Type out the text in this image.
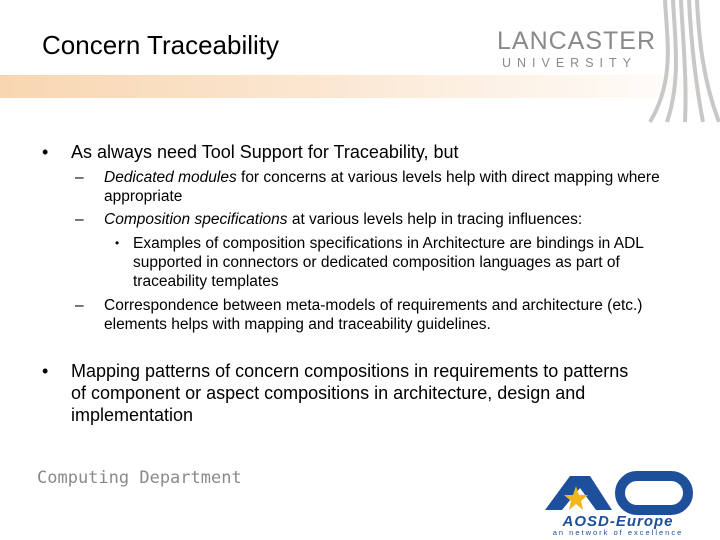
Concern Traceability	LANCASTER
UNIVERSITY
• As always need Tool Support for Traceability, but
– Dedicated modules for concerns at various levels help with direct mapping where appropriate
– Composition specifications at various levels help in tracing influences:
• Examples of composition specifications in Architecture are bindings in ADL supported in connectors or dedicated composition languages as part of traceability templates
– Correspondence between meta-models of requirements and architecture (etc.) elements helps with mapping and traceability guidelines.
• Mapping patterns of concern compositions in requirements to patterns of component or aspect compositions in architecture, design and implementation
Computing Department
AOSD-Europe
an network of excellence
